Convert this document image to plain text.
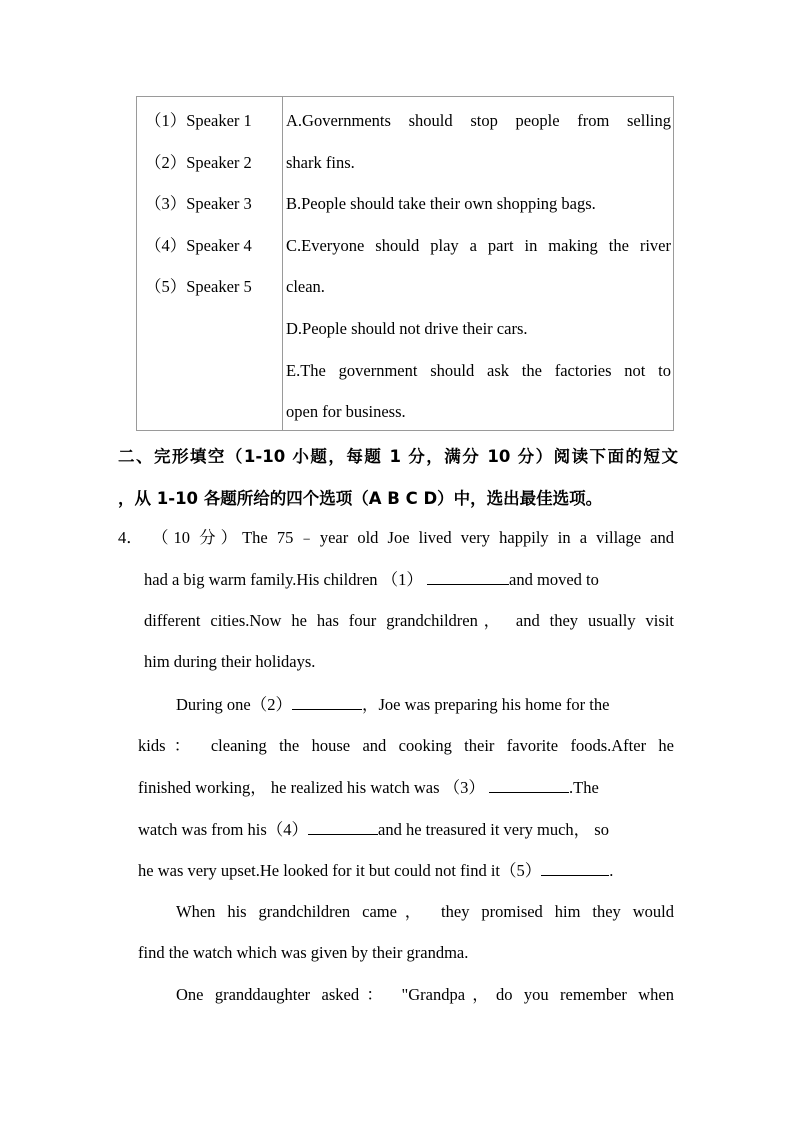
（1）Speaker 1
（2）Speaker 2
（3）Speaker 3
（4）Speaker 4
（5）Speaker 5
A.Governments should stop people from selling
shark fins.
B.People should take their own shopping bags.
C.Everyone should play a part in making the river
clean.
D.People should not drive their cars.
E.The government should ask the factories not to
open for business.
二、完形填空（1-10 小题，每题 1 分，满分 10 分）阅读下面的短文
，从 1-10 各题所给的四个选项（A B C D）中，选出最佳选项。
4． （10 分）The 75﹣year old Joe lived very happily in a village and
had a big warm family.His children （1）	and moved to
different cities.Now he has four grandchildren， and they usually visit
him during their holidays.
During one（2）	，Joe was preparing his home for the
kids： cleaning the house and cooking their favorite foods.After he
finished working， he realized his watch was （3）	.The
watch was from his（4）	and he treasured it very much， so
he was very upset.He looked for it but could not find it（5）	.
When his grandchildren came， they promised him they would
find the watch which was given by their grandma.
One granddaughter asked： "Grandpa，do you remember when
